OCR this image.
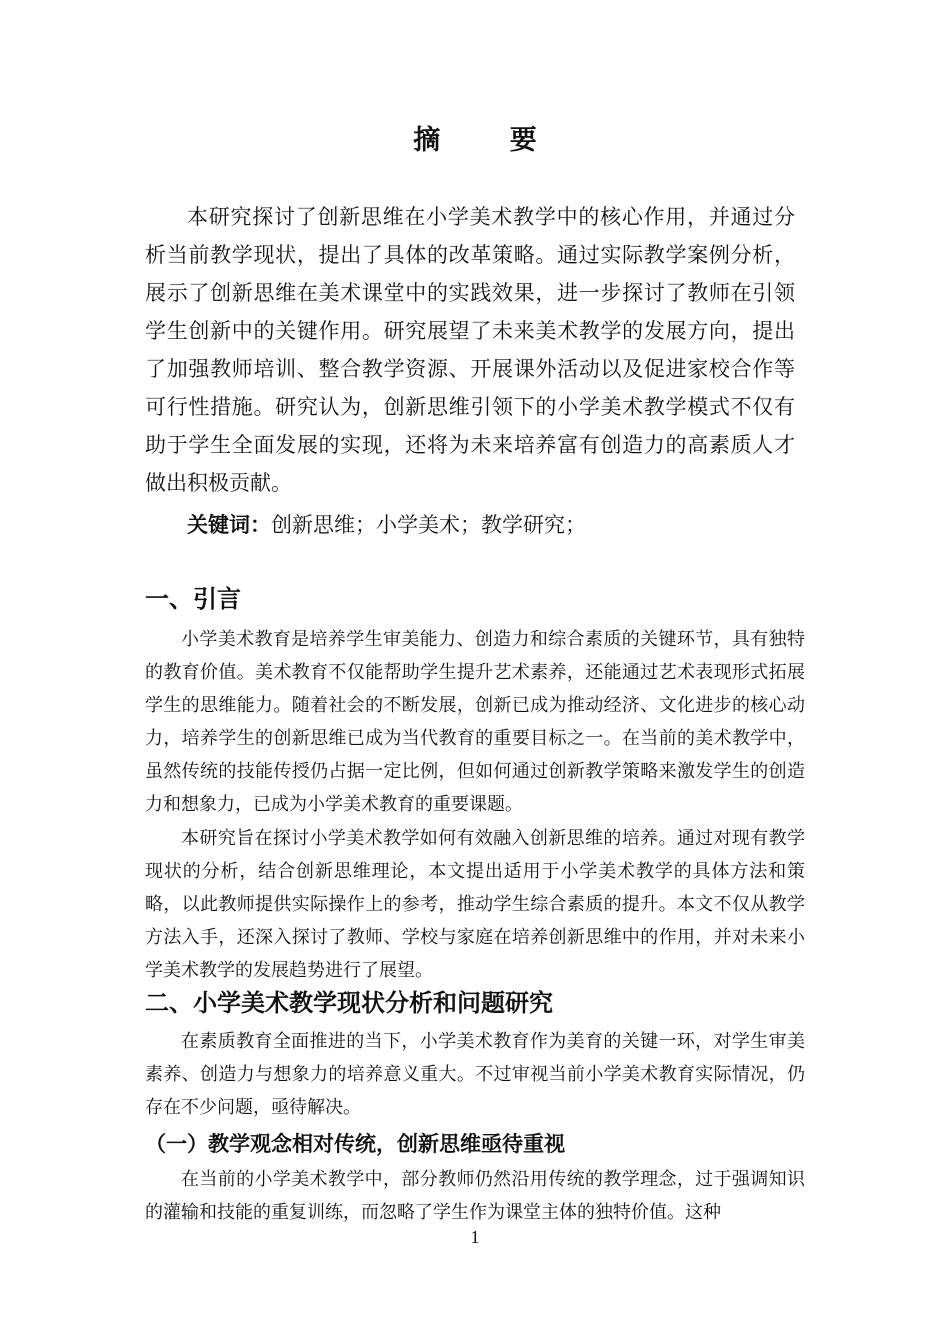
摘 要

本研究探讨了创新思维在小学美术教学中的核心作用，并通过分析当前教学现状，提出了具体的改革策略。通过实际教学案例分析，展示了创新思维在美术课堂中的实践效果，进一步探讨了教师在引领学生创新中的关键作用。研究展望了未来美术教学的发展方向，提出了加强教师培训、整合教学资源、开展课外活动以及促进家校合作等可行性措施。研究认为，创新思维引领下的小学美术教学模式不仅有助于学生全面发展的实现，还将为未来培养富有创造力的高素质人才做出积极贡献。

关键词：创新思维；小学美术；教学研究；

一、引言

小学美术教育是培养学生审美能力、创造力和综合素质的关键环节，具有独特的教育价值。美术教育不仅能帮助学生提升艺术素养，还能通过艺术表现形式拓展学生的思维能力。随着社会的不断发展，创新已成为推动经济、文化进步的核心动力，培养学生的创新思维已成为当代教育的重要目标之一。在当前的美术教学中，虽然传统的技能传授仍占据一定比例，但如何通过创新教学策略来激发学生的创造力和想象力，已成为小学美术教育的重要课题。

本研究旨在探讨小学美术教学如何有效融入创新思维的培养。通过对现有教学现状的分析，结合创新思维理论，本文提出适用于小学美术教学的具体方法和策略，以此教师提供实际操作上的参考，推动学生综合素质的提升。本文不仅从教学方法入手，还深入探讨了教师、学校与家庭在培养创新思维中的作用，并对未来小学美术教学的发展趋势进行了展望。

二、小学美术教学现状分析和问题研究

在素质教育全面推进的当下，小学美术教育作为美育的关键一环，对学生审美素养、创造力与想象力的培养意义重大。不过审视当前小学美术教育实际情况，仍存在不少问题，亟待解决。

（一）教学观念相对传统，创新思维亟待重视

在当前的小学美术教学中，部分教师仍然沿用传统的教学理念，过于强调知识的灌输和技能的重复训练，而忽略了学生作为课堂主体的独特价值。这种

1
